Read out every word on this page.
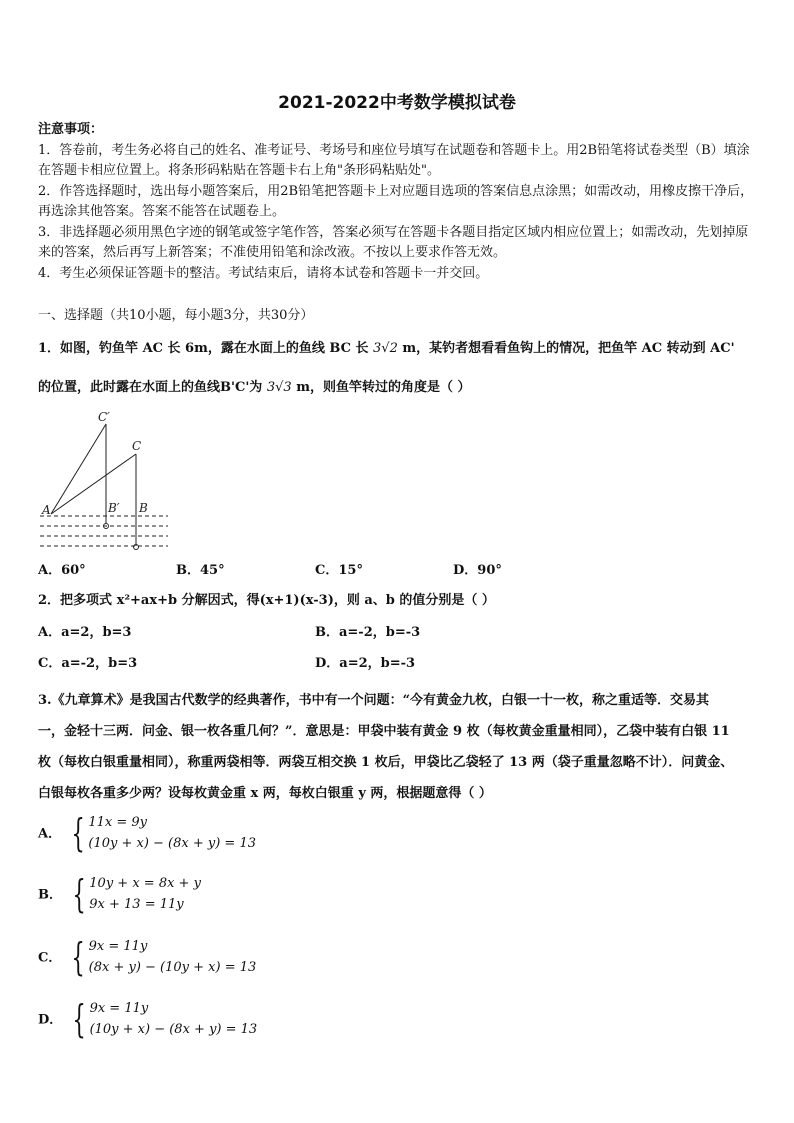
2021-2022中考数学模拟试卷
注意事项：
1．答卷前，考生务必将自己的姓名、准考证号、考场号和座位号填写在试题卷和答题卡上。用2B铅笔将试卷类型（B）填涂在答题卡相应位置上。将条形码粘贴在答题卡右上角"条形码粘贴处"。
2．作答选择题时，选出每小题答案后，用2B铅笔把答题卡上对应题目选项的答案信息点涂黑；如需改动，用橡皮擦干净后，再选涂其他答案。答案不能答在试题卷上。
3．非选择题必须用黑色字迹的钢笔或签字笔作答，答案必须写在答题卡各题目指定区域内相应位置上；如需改动，先划掉原来的答案，然后再写上新答案；不准使用铅笔和涂改液。不按以上要求作答无效。
4．考生必须保证答题卡的整洁。考试结束后，请将本试卷和答题卡一并交回。
一、选择题（共10小题，每小题3分，共30分）
1．如图，钓鱼竿 AC 长 6m，露在水面上的鱼线 BC 长 3√2 m，某钓者想看看鱼钩上的情况，把鱼竿 AC 转动到 AC'
的位置，此时露在水面上的鱼线B'C'为 3√3 m，则鱼竿转过的角度是（ ）
C′
C
A	B′ B
A．60°	B．45°	C．15°	D．90°
2．把多项式 x²+ax+b 分解因式，得(x+1)(x-3)，则 a、b 的值分别是（ ）
A．a=2，b=3	B．a=-2，b=-3
C．a=-2，b=3	D．a=2，b=-3
3.《九章算术》是我国古代数学的经典著作，书中有一个问题：“今有黄金九枚，白银一十一枚，称之重适等．交易其
一，金轻十三两．问金、银一枚各重几何？”．意思是：甲袋中装有黄金 9 枚（每枚黄金重量相同），乙袋中装有白银 11
枚（每枚白银重量相同），称重两袋相等．两袋互相交换 1 枚后，甲袋比乙袋轻了 13 两（袋子重量忽略不计）．问黄金、
白银每枚各重多少两？设每枚黄金重 x 两，每枚白银重 y 两，根据题意得（ ）
A． { 11x = 9y
(10y + x) − (8x + y) = 13
B． { 10y + x = 8x + y
9x + 13 = 11y
C． { 9x = 11y
(8x + y) − (10y + x) = 13
D． { 9x = 11y
(10y + x) − (8x + y) = 13
